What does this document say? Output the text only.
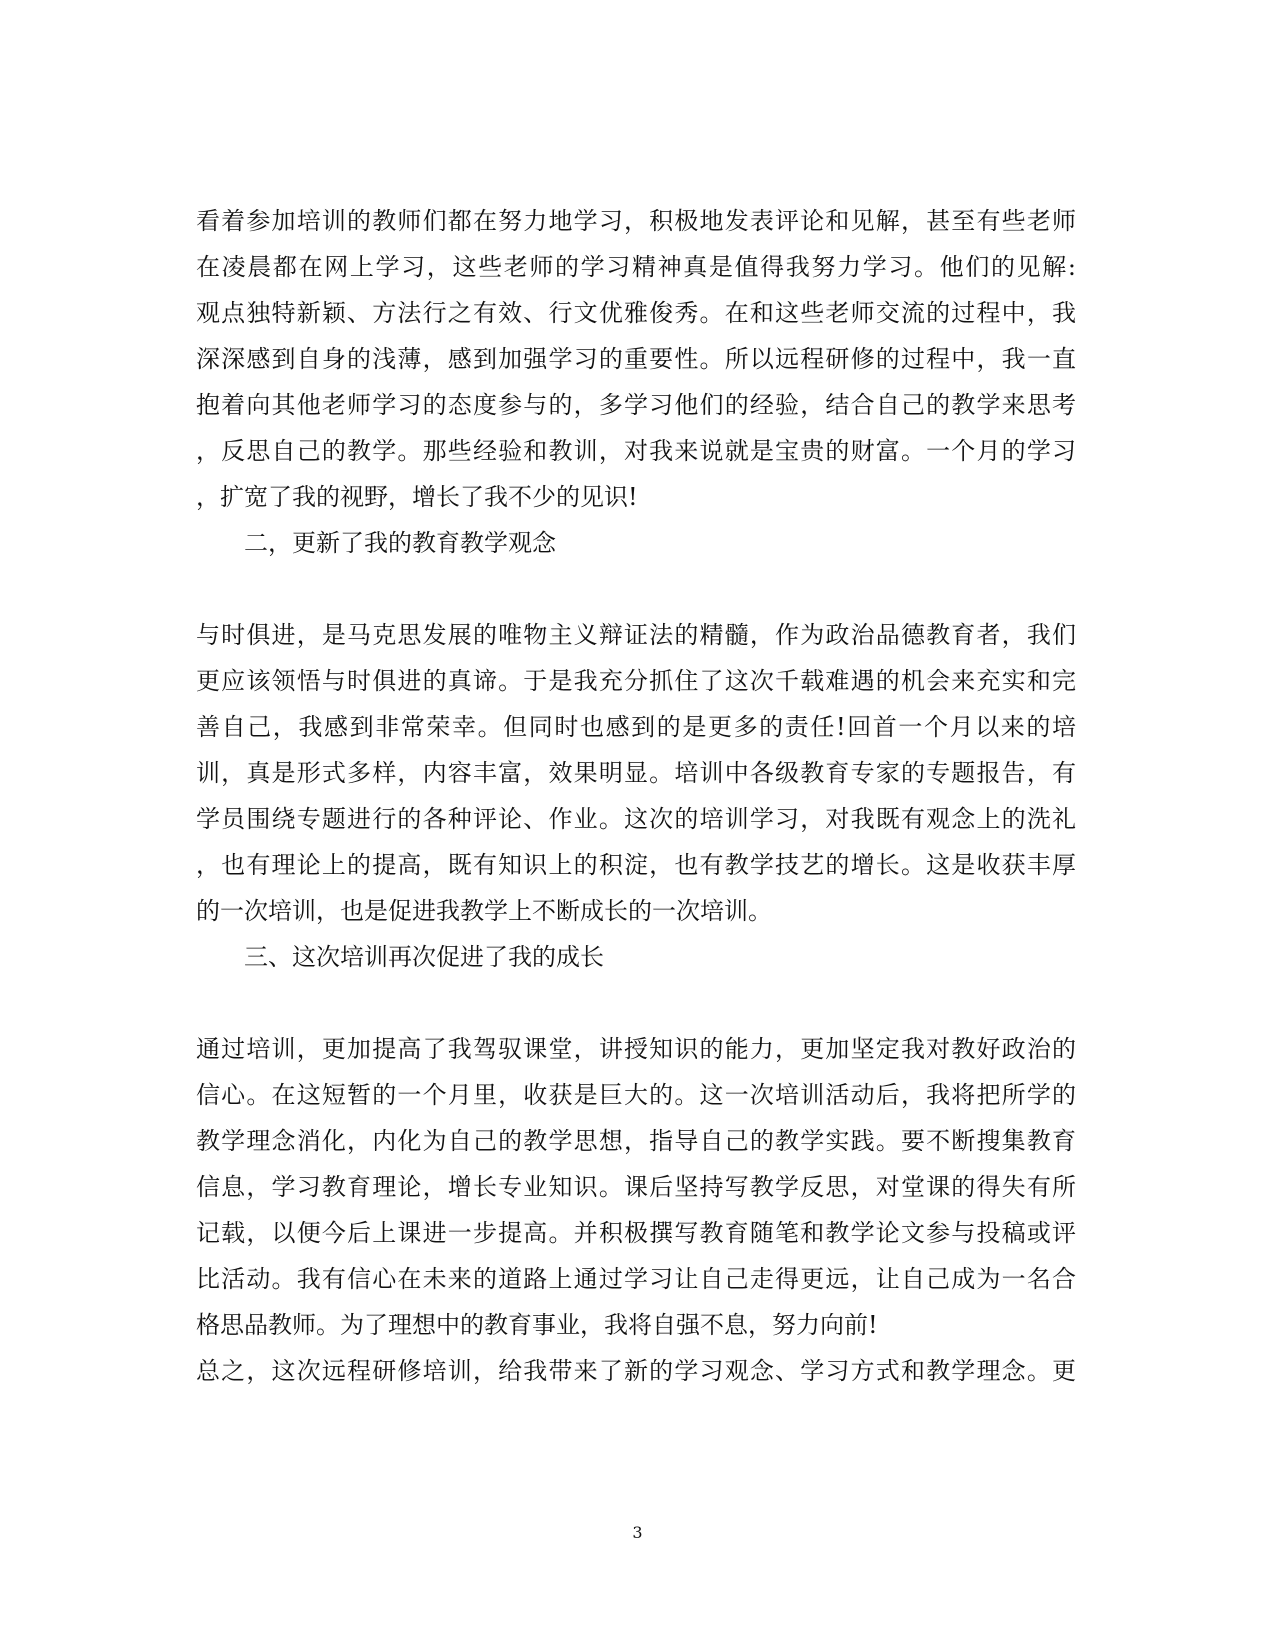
看着参加培训的教师们都在努力地学习，积极地发表评论和见解，甚至有些老师
在凌晨都在网上学习，这些老师的学习精神真是值得我努力学习。他们的见解:
观点独特新颖、方法行之有效、行文优雅俊秀。在和这些老师交流的过程中，我
深深感到自身的浅薄，感到加强学习的重要性。所以远程研修的过程中，我一直
抱着向其他老师学习的态度参与的，多学习他们的经验，结合自己的教学来思考
，反思自己的教学。那些经验和教训，对我来说就是宝贵的财富。一个月的学习
，扩宽了我的视野，增长了我不少的见识!
二，更新了我的教育教学观念
与时俱进，是马克思发展的唯物主义辩证法的精髓，作为政治品德教育者，我们
更应该领悟与时俱进的真谛。于是我充分抓住了这次千载难遇的机会来充实和完
善自己，我感到非常荣幸。但同时也感到的是更多的责任!回首一个月以来的培
训，真是形式多样，内容丰富，效果明显。培训中各级教育专家的专题报告，有
学员围绕专题进行的各种评论、作业。这次的培训学习，对我既有观念上的洗礼
，也有理论上的提高，既有知识上的积淀，也有教学技艺的增长。这是收获丰厚
的一次培训，也是促进我教学上不断成长的一次培训。
三、这次培训再次促进了我的成长
通过培训，更加提高了我驾驭课堂，讲授知识的能力，更加坚定我对教好政治的
信心。在这短暂的一个月里，收获是巨大的。这一次培训活动后，我将把所学的
教学理念消化，内化为自己的教学思想，指导自己的教学实践。要不断搜集教育
信息，学习教育理论，增长专业知识。课后坚持写教学反思，对堂课的得失有所
记载，以便今后上课进一步提高。并积极撰写教育随笔和教学论文参与投稿或评
比活动。我有信心在未来的道路上通过学习让自己走得更远，让自己成为一名合
格思品教师。为了理想中的教育事业，我将自强不息，努力向前!
总之，这次远程研修培训，给我带来了新的学习观念、学习方式和教学理念。更
3
